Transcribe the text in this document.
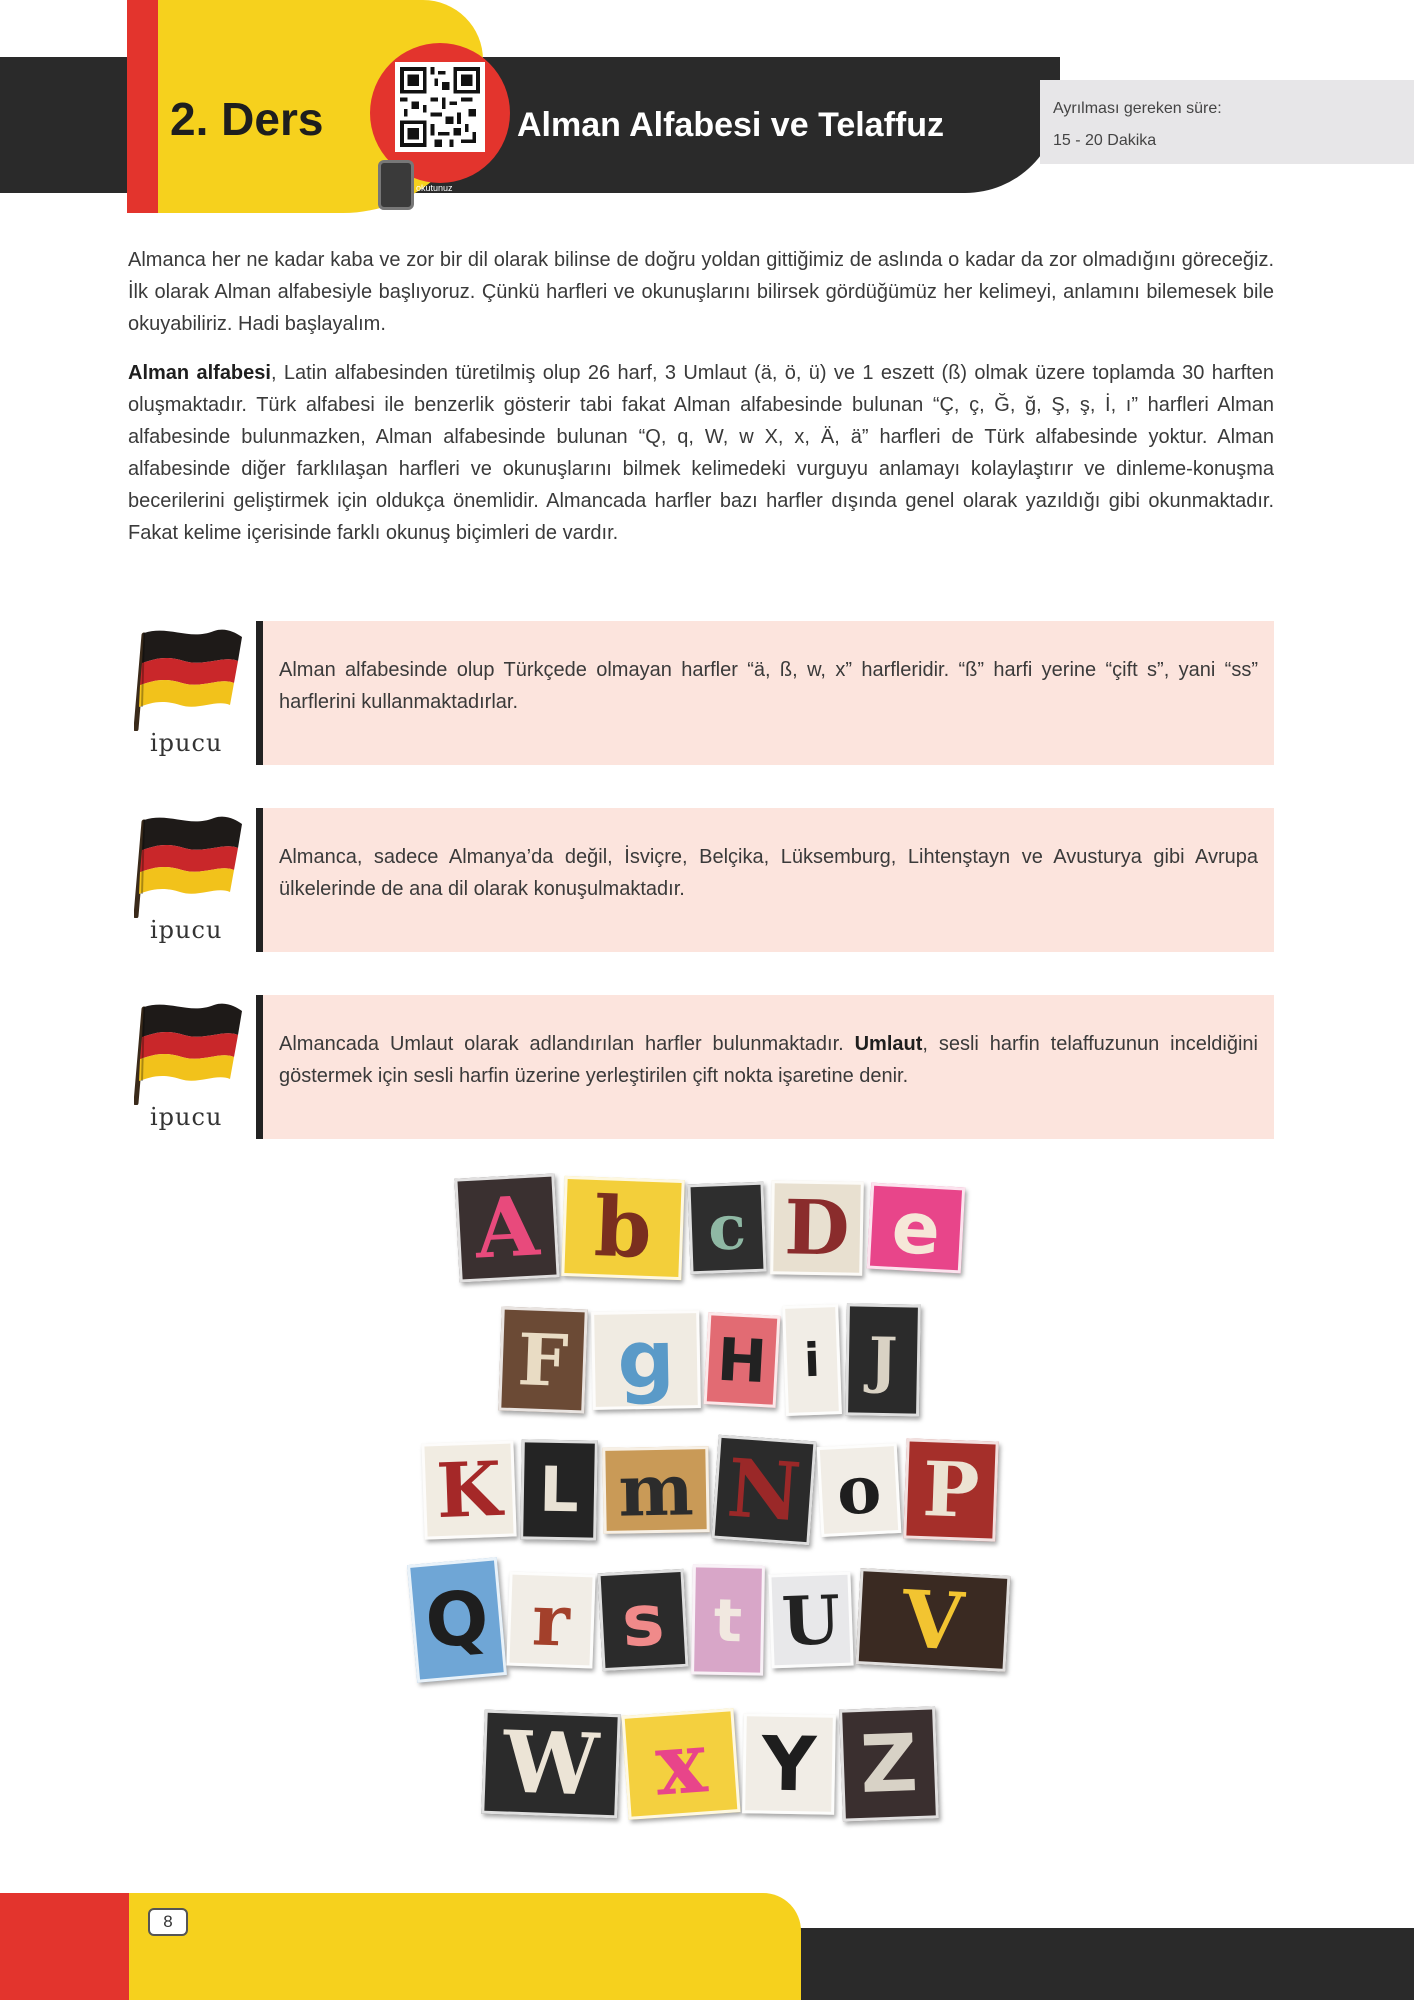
2. Ders
okutunuz
Alman Alfabesi ve Telaffuz	Ayrılması gereken süre:
15 - 20 Dakika

Almanca her ne kadar kaba ve zor bir dil olarak bilinse de doğru yoldan gittiğimiz de aslında o kadar da zor olmadığını göreceğiz. İlk olarak Alman alfabesiyle başlıyoruz. Çünkü harfleri ve okunuşlarını bilirsek gördüğümüz her kelimeyi, anlamını bilemesek bile okuyabiliriz. Hadi başlayalım.

Alman alfabesi, Latin alfabesinden türetilmiş olup 26 harf, 3 Umlaut (ä, ö, ü) ve 1 eszett (ß) olmak üzere toplamda 30 harften oluşmaktadır. Türk alfabesi ile benzerlik gösterir tabi fakat Alman alfabesinde bulunan “Ç, ç, Ğ, ğ, Ş, ş, İ, ı” harfleri Alman alfabesinde bulunmazken, Alman alfabesinde bulunan “Q, q, W, w X, x, Ä, ä” harfleri de Türk alfabesinde yoktur. Alman alfabesinde diğer farklılaşan harfleri ve okunuşlarını bilmek kelimedeki vurguyu anlamayı kolaylaştırır ve dinleme-konuşma becerilerini geliştirmek için oldukça önemlidir. Almancada harfler bazı harfler dışında genel olarak yazıldığı gibi okunmaktadır. Fakat kelime içerisinde farklı okunuş biçimleri de vardır.

ipucu
Alman alfabesinde olup Türkçede olmayan harfler “ä, ß, w, x” harfleridir. “ß” harfi yerine “çift s”, yani “ss” harflerini kullanmaktadırlar.
ipucu
Almanca, sadece Almanya’da değil, İsviçre, Belçika, Lüksemburg, Lihtenştayn ve Avusturya gibi Avrupa ülkelerinde de ana dil olarak konuşulmaktadır.
ipucu
Almancada Umlaut olarak adlandırılan harfler bulunmaktadır. Umlaut, sesli harfin telaffuzunun inceldiğini göstermek için sesli harfin üzerine yerleştirilen çift nokta işaretine denir.
A b c D e
F g H i J
K L m N o P
Q r s t U V
W x Y Z
8
